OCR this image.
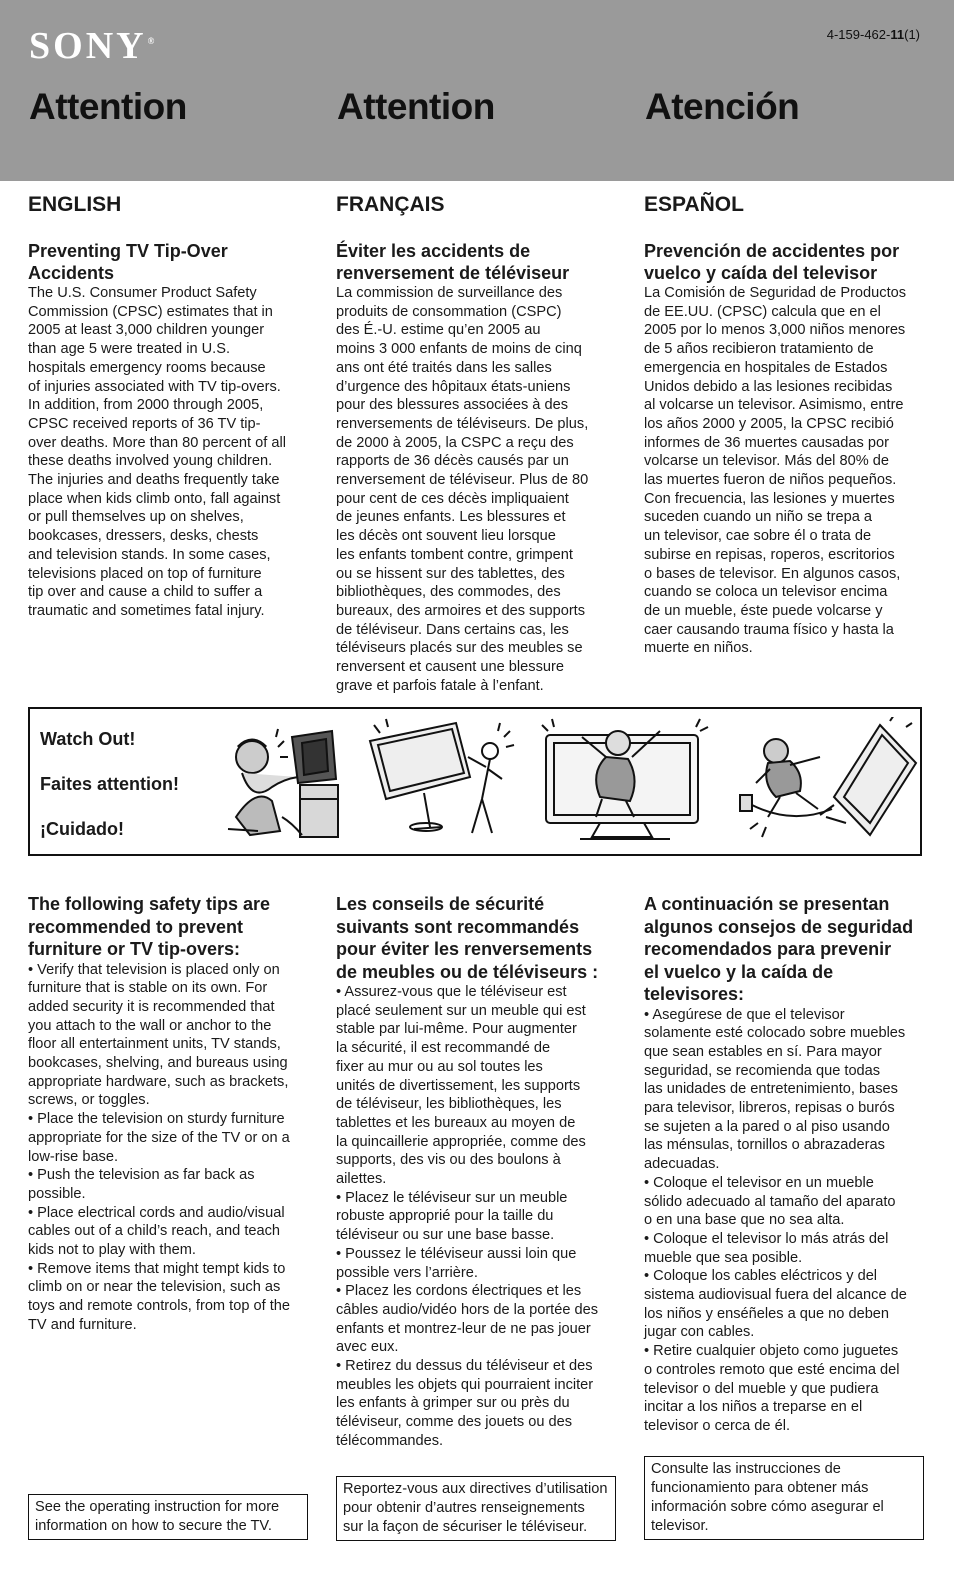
SONY®	4-159-462-11(1)
Attention	Attention	Atención
ENGLISH	FRANÇAIS	ESPAÑOL
Preventing TV Tip-Over
Accidents
The U.S. Consumer Product Safety
Commission (CPSC) estimates that in
2005 at least 3,000 children younger
than age 5 were treated in U.S.
hospitals emergency rooms because
of injuries associated with TV tip-overs.
In addition, from 2000 through 2005,
CPSC received reports of 36 TV tip-
over deaths. More than 80 percent of all
these deaths involved young children.
The injuries and deaths frequently take
place when kids climb onto, fall against
or pull themselves up on shelves,
bookcases, dressers, desks, chests
and television stands. In some cases,
televisions placed on top of furniture
tip over and cause a child to suffer a
traumatic and sometimes fatal injury.
Éviter les accidents de
renversement de téléviseur
La commission de surveillance des
produits de consommation (CSPC)
des É.-U. estime qu’en 2005 au
moins 3 000 enfants de moins de cinq
ans ont été traités dans les salles
d’urgence des hôpitaux états-uniens
pour des blessures associées à des
renversements de téléviseurs. De plus,
de 2000 à 2005, la CSPC a reçu des
rapports de 36 décès causés par un
renversement de téléviseur. Plus de 80
pour cent de ces décès impliquaient
de jeunes enfants. Les blessures et
les décès ont souvent lieu lorsque
les enfants tombent contre, grimpent
ou se hissent sur des tablettes, des
bibliothèques, des commodes, des
bureaux, des armoires et des supports
de téléviseur. Dans certains cas, les
téléviseurs placés sur des meubles se
renversent et causent une blessure
grave et parfois fatale à l’enfant.
Prevención de accidentes por
vuelco y caída del televisor
La Comisión de Seguridad de Productos
de EE.UU. (CPSC) calcula que en el
2005 por lo menos 3,000 niños menores
de 5 años recibieron tratamiento de
emergencia en hospitales de Estados
Unidos debido a las lesiones recibidas
al volcarse un televisor. Asimismo, entre
los años 2000 y 2005, la CPSC recibió
informes de 36 muertes causadas por
volcarse un televisor. Más del 80% de
las muertes fueron de niños pequeños.
Con frecuencia, las lesiones y muertes
suceden cuando un niño se trepa a
un televisor, cae sobre él o trata de
subirse en repisas, roperos, escritorios
o bases de televisor. En algunos casos,
cuando se coloca un televisor encima
de un mueble, éste puede volcarse y
caer causando trauma físico y hasta la
muerte en niños.
Watch Out!
Faites attention!
¡Cuidado!
The following safety tips are
recommended to prevent
furniture or TV tip-overs:
• Verify that television is placed only on
furniture that is stable on its own. For
added security it is recommended that
you attach to the wall or anchor to the
floor all entertainment units, TV stands,
bookcases, shelving, and bureaus using
appropriate hardware, such as brackets,
screws, or toggles.
• Place the television on sturdy furniture
appropriate for the size of the TV or on a
low-rise base.
• Push the television as far back as
possible.
• Place electrical cords and audio/visual
cables out of a child’s reach, and teach
kids not to play with them.
• Remove items that might tempt kids to
climb on or near the television, such as
toys and remote controls, from top of the
TV and furniture.
Les conseils de sécurité
suivants sont recommandés
pour éviter les renversements
de meubles ou de téléviseurs :
• Assurez-vous que le téléviseur est
placé seulement sur un meuble qui est
stable par lui-même. Pour augmenter
la sécurité, il est recommandé de
fixer au mur ou au sol toutes les
unités de divertissement, les supports
de téléviseur, les bibliothèques, les
tablettes et les bureaux au moyen de
la quincaillerie appropriée, comme des
supports, des vis ou des boulons à
ailettes.
• Placez le téléviseur sur un meuble
robuste approprié pour la taille du
téléviseur ou sur une base basse.
• Poussez le téléviseur aussi loin que
possible vers l’arrière.
• Placez les cordons électriques et les
câbles audio/vidéo hors de la portée des
enfants et montrez-leur de ne pas jouer
avec eux.
• Retirez du dessus du téléviseur et des
meubles les objets qui pourraient inciter
les enfants à grimper sur ou près du
téléviseur, comme des jouets ou des
télécommandes.
A continuación se presentan
algunos consejos de seguridad
recomendados para prevenir
el vuelco y la caída de
televisores:
• Asegúrese de que el televisor
solamente esté colocado sobre muebles
que sean estables en sí. Para mayor
seguridad, se recomienda que todas
las unidades de entretenimiento, bases
para televisor, libreros, repisas o burós
se sujeten a la pared o al piso usando
las ménsulas, tornillos o abrazaderas
adecuadas.
• Coloque el televisor en un mueble
sólido adecuado al tamaño del aparato
o en una base que no sea alta.
• Coloque el televisor lo más atrás del
mueble que sea posible.
• Coloque los cables eléctricos y del
sistema audiovisual fuera del alcance de
los niños y enséñeles a que no deben
jugar con cables.
• Retire cualquier objeto como juguetes
o controles remoto que esté encima del
televisor o del mueble y que pudiera
incitar a los niños a treparse en el
televisor o cerca de él.
See the operating instruction for more
information on how to secure the TV.
Reportez-vous aux directives d’utilisation
pour obtenir d’autres renseignements
sur la façon de sécuriser le téléviseur.
Consulte las instrucciones de
funcionamiento para obtener más
información sobre cómo asegurar el
televisor.
